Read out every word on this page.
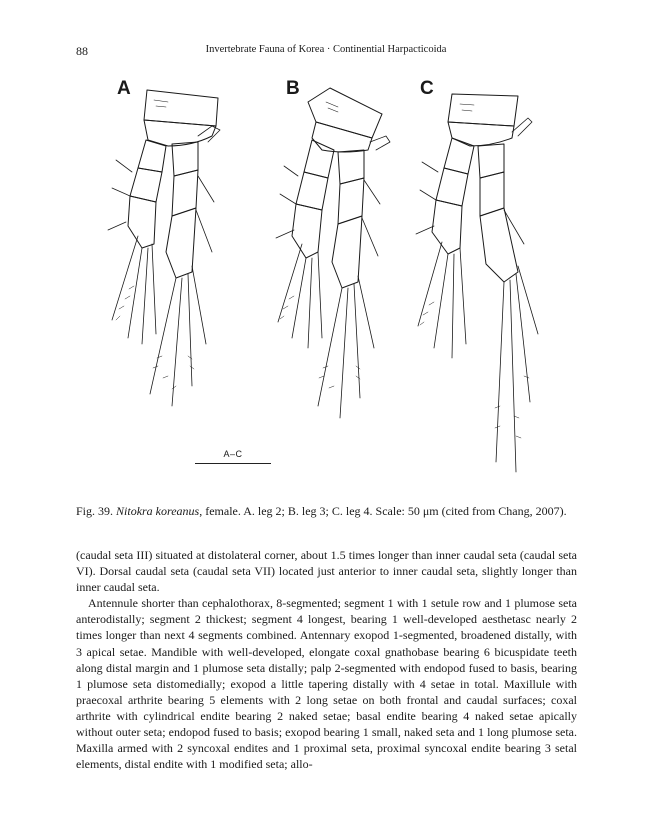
88	Invertebrate Fauna of Korea · Continential Harpacticoida
A	B	C
A–C
Fig. 39. Nitokra koreanus, female. A. leg 2; B. leg 3; C. leg 4. Scale: 50 μm (cited from Chang, 2007).

(caudal seta III) situated at distolateral corner, about 1.5 times longer than inner caudal seta (caudal seta VI). Dorsal caudal seta (caudal seta VII) located just anterior to inner caudal seta, slightly longer than inner caudal seta.

Antennule shorter than cephalothorax, 8-segmented; segment 1 with 1 setule row and 1 plumose seta anterodistally; segment 2 thickest; segment 4 longest, bearing 1 well-developed aesthetasc nearly 2 times longer than next 4 segments combined. Antennary exopod 1-segmented, broadened distally, with 3 apical setae. Mandible with well-developed, elongate coxal gnathobase bearing 6 bicuspidate teeth along distal margin and 1 plumose seta distally; palp 2-segmented with endopod fused to basis, bearing 1 plumose seta distomedially; exopod a little tapering distally with 4 setae in total. Maxillule with praecoxal arthrite bearing 5 elements with 2 long setae on both frontal and caudal surfaces; coxal arthrite with cylindrical endite bearing 2 naked setae; basal endite bearing 4 naked setae apically without outer seta; endopod fused to basis; exopod bearing 1 small, naked seta and 1 long plumose seta. Maxilla armed with 2 syncoxal endites and 1 proximal seta, proximal syncoxal endite bearing 3 setal elements, distal endite with 1 modified seta; allo-
